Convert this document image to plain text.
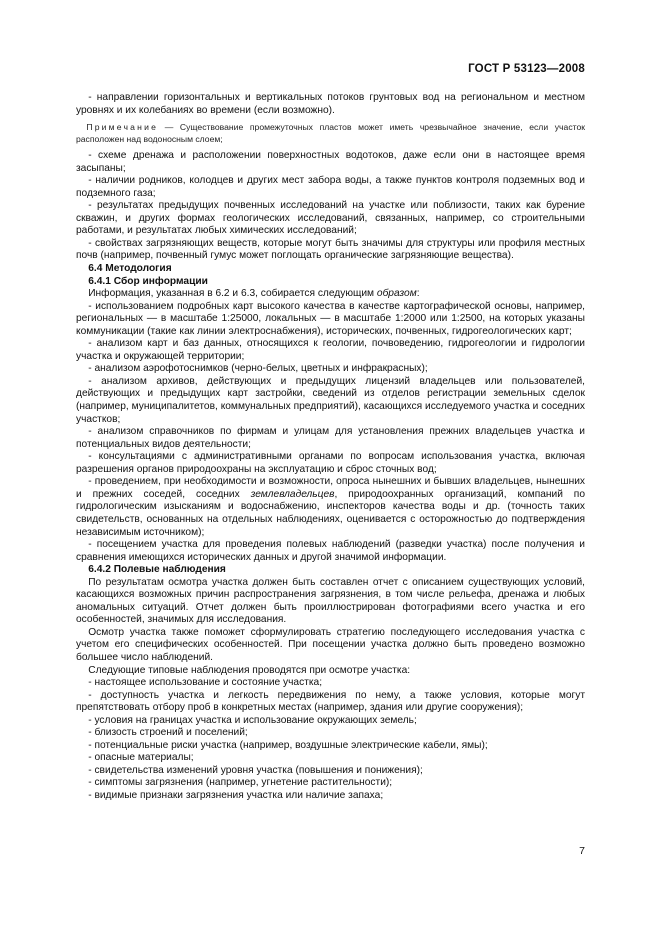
ГОСТ Р 53123—2008

- направлении горизонтальных и вертикальных потоков грунтовых вод на региональном и местном уровнях и их колебаниях во времени (если возможно).

Примечание — Существование промежуточных пластов может иметь чрезвычайное значение, если участок расположен над водоносным слоем;

- схеме дренажа и расположении поверхностных водотоков, даже если они в настоящее время засыпаны;

- наличии родников, колодцев и других мест забора воды, а также пунктов контроля подземных вод и подземного газа;

- результатах предыдущих почвенных исследований на участке или поблизости, таких как бурение скважин, и других формах геологических исследований, связанных, например, со строительными работами, и результатах любых химических исследований;

- свойствах загрязняющих веществ, которые могут быть значимы для структуры или профиля местных почв (например, почвенный гумус может поглощать органические загрязняющие вещества).

6.4 Методология

6.4.1 Сбор информации

Информация, указанная в 6.2 и 6.3, собирается следующим образом:

- использованием подробных карт высокого качества в качестве картографической основы, например, региональных — в масштабе 1:25000, локальных — в масштабе 1:2000 или 1:2500, на которых указаны коммуникации (такие как линии электроснабжения), исторических, почвенных, гидрогеологических карт;

- анализом карт и баз данных, относящихся к геологии, почвоведению, гидрогеологии и гидрологии участка и окружающей территории;

- анализом аэрофотоснимков (черно-белых, цветных и инфракрасных);

- анализом архивов, действующих и предыдущих лицензий владельцев или пользователей, действующих и предыдущих карт застройки, сведений из отделов регистрации земельных сделок (например, муниципалитетов, коммунальных предприятий), касающихся исследуемого участка и соседних участков;

- анализом справочников по фирмам и улицам для установления прежних владельцев участка и потенциальных видов деятельности;

- консультациями с административными органами по вопросам использования участка, включая разрешения органов природоохраны на эксплуатацию и сброс сточных вод;

- проведением, при необходимости и возможности, опроса нынешних и бывших владельцев, нынешних и прежних соседей, соседних землевладельцев, природоохранных организаций, компаний по гидрологическим изысканиям и водоснабжению, инспекторов качества воды и др. (точность таких свидетельств, основанных на отдельных наблюдениях, оценивается с осторожностью до подтверждения независимым источником);

- посещением участка для проведения полевых наблюдений (разведки участка) после получения и сравнения имеющихся исторических данных и другой значимой информации.

6.4.2 Полевые наблюдения

По результатам осмотра участка должен быть составлен отчет с описанием существующих условий, касающихся возможных причин распространения загрязнения, в том числе рельефа, дренажа и любых аномальных ситуаций. Отчет должен быть проиллюстрирован фотографиями всего участка и его особенностей, значимых для исследования.

Осмотр участка также поможет сформулировать стратегию последующего исследования участка с учетом его специфических особенностей. При посещении участка должно быть проведено возможно большее число наблюдений.

Следующие типовые наблюдения проводятся при осмотре участка:

- настоящее использование и состояние участка;

- доступность участка и легкость передвижения по нему, а также условия, которые могут препятствовать отбору проб в конкретных местах (например, здания или другие сооружения);

- условия на границах участка и использование окружающих земель;

- близость строений и поселений;

- потенциальные риски участка (например, воздушные электрические кабели, ямы);

- опасные материалы;

- свидетельства изменений уровня участка (повышения и понижения);

- симптомы загрязнения (например, угнетение растительности);

- видимые признаки загрязнения участка или наличие запаха;

7
